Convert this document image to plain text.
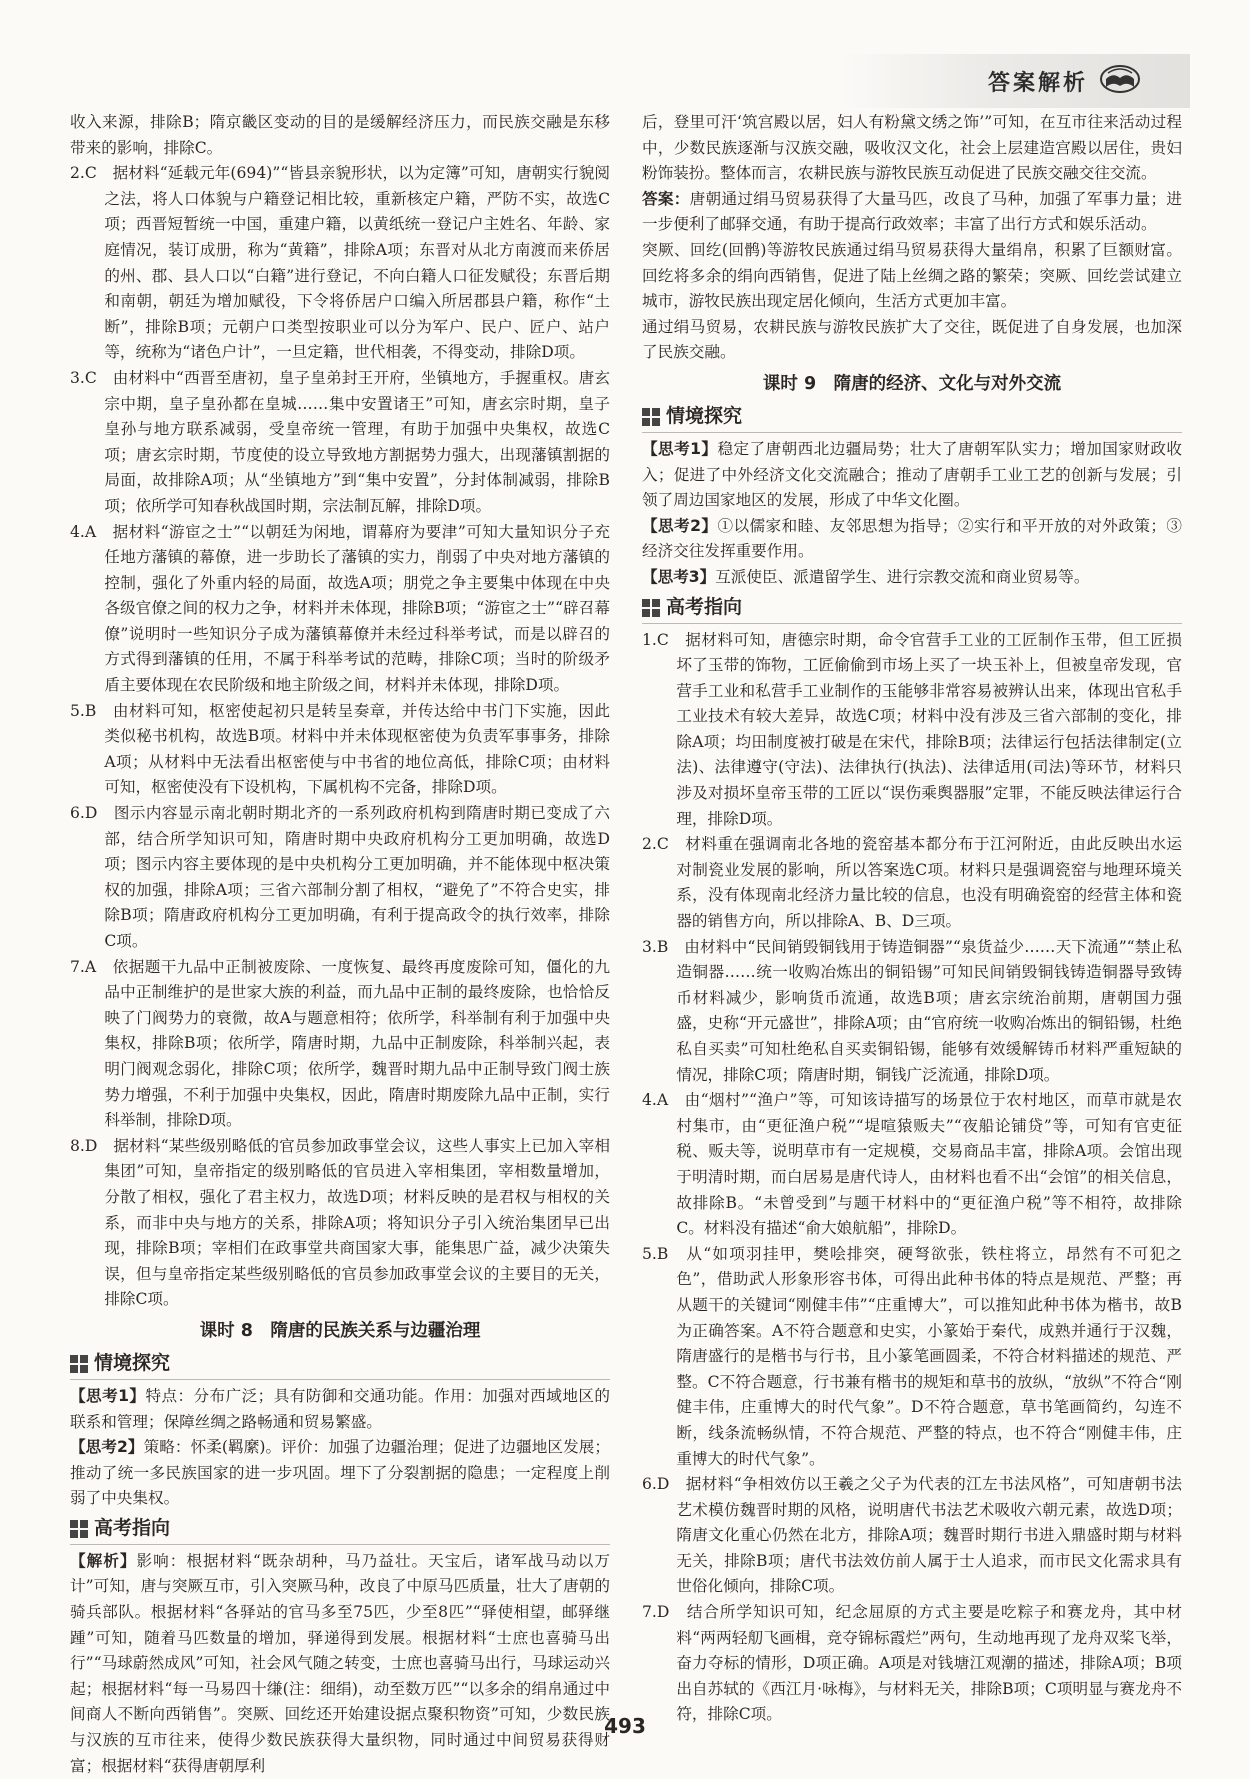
答案解析
收入来源，排除B；隋京畿区变动的目的是缓解经济压力，而民族交融是东移带来的影响，排除C。
2.C　据材料“延载元年(694)”“皆县亲貌形状，以为定簿”可知，唐朝实行貌阅之法，将人口体貌与户籍登记相比较，重新核定户籍，严防不实，故选C项；西晋短暂统一中国，重建户籍，以黄纸统一登记户主姓名、年龄、家庭情况，装订成册，称为“黄籍”，排除A项；东晋对从北方南渡而来侨居的州、郡、县人口以“白籍”进行登记，不向白籍人口征发赋役；东晋后期和南朝，朝廷为增加赋役，下令将侨居户口编入所居郡县户籍，称作“土断”，排除B项；元朝户口类型按职业可以分为军户、民户、匠户、站户等，统称为“诸色户计”，一旦定籍，世代相袭，不得变动，排除D项。
3.C　由材料中“西晋至唐初，皇子皇弟封王开府，坐镇地方，手握重权。唐玄宗中期，皇子皇孙都在皇城……集中安置诸王”可知，唐玄宗时期，皇子皇孙与地方联系减弱，受皇帝统一管理，有助于加强中央集权，故选C项；唐玄宗时期，节度使的设立导致地方割据势力强大，出现藩镇割据的局面，故排除A项；从“坐镇地方”到“集中安置”，分封体制减弱，排除B项；依所学可知春秋战国时期，宗法制瓦解，排除D项。
4.A　据材料“游宦之士”“以朝廷为闲地，谓幕府为要津”可知大量知识分子充任地方藩镇的幕僚，进一步助长了藩镇的实力，削弱了中央对地方藩镇的控制，强化了外重内轻的局面，故选A项；朋党之争主要集中体现在中央各级官僚之间的权力之争，材料并未体现，排除B项；“游宦之士”“辟召幕僚”说明时一些知识分子成为藩镇幕僚并未经过科举考试，而是以辟召的方式得到藩镇的任用，不属于科举考试的范畴，排除C项；当时的阶级矛盾主要体现在农民阶级和地主阶级之间，材料并未体现，排除D项。
5.B　由材料可知，枢密使起初只是转呈奏章，并传达给中书门下实施，因此类似秘书机构，故选B项。材料中并未体现枢密使为负责军事事务，排除A项；从材料中无法看出枢密使与中书省的地位高低，排除C项；由材料可知，枢密使没有下设机构，下属机构不完备，排除D项。
6.D　图示内容显示南北朝时期北齐的一系列政府机构到隋唐时期已变成了六部，结合所学知识可知，隋唐时期中央政府机构分工更加明确，故选D项；图示内容主要体现的是中央机构分工更加明确，并不能体现中枢决策权的加强，排除A项；三省六部制分割了相权，“避免了”不符合史实，排除B项；隋唐政府机构分工更加明确，有利于提高政令的执行效率，排除C项。
7.A　依据题干九品中正制被废除、一度恢复、最终再度废除可知，僵化的九品中正制维护的是世家大族的利益，而九品中正制的最终废除，也恰恰反映了门阀势力的衰微，故A与题意相符；依所学，科举制有利于加强中央集权，排除B项；依所学，隋唐时期，九品中正制废除，科举制兴起，表明门阀观念弱化，排除C项；依所学，魏晋时期九品中正制导致门阀士族势力增强，不利于加强中央集权，因此，隋唐时期废除九品中正制，实行科举制，排除D项。
8.D　据材料“某些级别略低的官员参加政事堂会议，这些人事实上已加入宰相集团”可知，皇帝指定的级别略低的官员进入宰相集团，宰相数量增加，分散了相权，强化了君主权力，故选D项；材料反映的是君权与相权的关系，而非中央与地方的关系，排除A项；将知识分子引入统治集团早已出现，排除B项；宰相们在政事堂共商国家大事，能集思广益，减少决策失误，但与皇帝指定某些级别略低的官员参加政事堂会议的主要目的无关，排除C项。
课时 8　隋唐的民族关系与边疆治理
情境探究
【思考1】特点：分布广泛；具有防御和交通功能。作用：加强对西域地区的联系和管理；保障丝绸之路畅通和贸易繁盛。
【思考2】策略：怀柔(羁縻)。评价：加强了边疆治理；促进了边疆地区发展；推动了统一多民族国家的进一步巩固。埋下了分裂割据的隐患；一定程度上削弱了中央集权。
高考指向
【解析】影响：根据材料“既杂胡种，马乃益壮。天宝后，诸军战马动以万计”可知，唐与突厥互市，引入突厥马种，改良了中原马匹质量，壮大了唐朝的骑兵部队。根据材料“各驿站的官马多至75匹，少至8匹”“驿使相望，邮驿继踵”可知，随着马匹数量的增加，驿递得到发展。根据材料“士庶也喜骑马出行”“马球蔚然成风”可知，社会风气随之转变，士庶也喜骑马出行，马球运动兴起；根据材料“每一马易四十缣(注：细绢)，动至数万匹”“以多余的绢帛通过中间商人不断向西销售”。突厥、回纥还开始建设据点聚积物资”可知，少数民族与汉族的互市往来，使得少数民族获得大量织物，同时通过中间贸易获得财富；根据材料“获得唐朝厚利
后，登里可汗‘筑宫殿以居，妇人有粉黛文绣之饰’”可知，在互市往来活动过程中，少数民族逐渐与汉族交融，吸收汉文化，社会上层建造宫殿以居住，贵妇粉饰装扮。整体而言，农耕民族与游牧民族互动促进了民族交融交往交流。
答案：唐朝通过绢马贸易获得了大量马匹，改良了马种，加强了军事力量；进一步便利了邮驿交通，有助于提高行政效率；丰富了出行方式和娱乐活动。
突厥、回纥(回鹘)等游牧民族通过绢马贸易获得大量绢帛，积累了巨额财富。回纥将多余的绢向西销售，促进了陆上丝绸之路的繁荣；突厥、回纥尝试建立城市，游牧民族出现定居化倾向，生活方式更加丰富。
通过绢马贸易，农耕民族与游牧民族扩大了交往，既促进了自身发展，也加深了民族交融。
课时 9　隋唐的经济、文化与对外交流
情境探究
【思考1】稳定了唐朝西北边疆局势；壮大了唐朝军队实力；增加国家财政收入；促进了中外经济文化交流融合；推动了唐朝手工业工艺的创新与发展；引领了周边国家地区的发展，形成了中华文化圈。
【思考2】①以儒家和睦、友邻思想为指导；②实行和平开放的对外政策；③经济交往发挥重要作用。
【思考3】互派使臣、派遣留学生、进行宗教交流和商业贸易等。
高考指向
1.C　据材料可知，唐德宗时期，命令官营手工业的工匠制作玉带，但工匠损坏了玉带的饰物，工匠偷偷到市场上买了一块玉补上，但被皇帝发现，官营手工业和私营手工业制作的玉能够非常容易被辨认出来，体现出官私手工业技术有较大差异，故选C项；材料中没有涉及三省六部制的变化，排除A项；均田制度被打破是在宋代，排除B项；法律运行包括法律制定(立法)、法律遵守(守法)、法律执行(执法)、法律适用(司法)等环节，材料只涉及对损坏皇帝玉带的工匠以“误伤乘舆器服”定罪，不能反映法律运行合理，排除D项。
2.C　材料重在强调南北各地的瓷窑基本都分布于江河附近，由此反映出水运对制瓷业发展的影响，所以答案选C项。材料只是强调瓷窑与地理环境关系，没有体现南北经济力量比较的信息，也没有明确瓷窑的经营主体和瓷器的销售方向，所以排除A、B、D三项。
3.B　由材料中“民间销毁铜钱用于铸造铜器”“泉货益少……天下流通”“禁止私造铜器……统一收购冶炼出的铜铅锡”可知民间销毁铜钱铸造铜器导致铸币材料减少，影响货币流通，故选B项；唐玄宗统治前期，唐朝国力强盛，史称“开元盛世”，排除A项；由“官府统一收购冶炼出的铜铅锡，杜绝私自买卖”可知杜绝私自买卖铜铅锡，能够有效缓解铸币材料严重短缺的情况，排除C项；隋唐时期，铜钱广泛流通，排除D项。
4.A　由“烟村”“渔户”等，可知该诗描写的场景位于农村地区，而草市就是农村集市，由“更征渔户税”“堤喧猿贩夫”“夜船论铺贷”等，可知有官吏征税、贩夫等，说明草市有一定规模，交易商品丰富，排除A项。会馆出现于明清时期，而白居易是唐代诗人，由材料也看不出“会馆”的相关信息，故排除B。“未曾受到”与题干材料中的“更征渔户税”等不相符，故排除C。材料没有描述“俞大娘航船”，排除D。
5.B　从“如项羽挂甲，樊哙排突，硬弩欲张，铁柱将立，昂然有不可犯之色”，借助武人形象形容书体，可得出此种书体的特点是规范、严整；再从题干的关键词“刚健丰伟”“庄重博大”，可以推知此种书体为楷书，故B为正确答案。A不符合题意和史实，小篆始于秦代，成熟并通行于汉魏，隋唐盛行的是楷书与行书，且小篆笔画圆柔，不符合材料描述的规范、严整。C不符合题意，行书兼有楷书的规矩和草书的放纵，“放纵”不符合“刚健丰伟，庄重博大的时代气象”。D不符合题意，草书笔画简约，勾连不断，线条流畅纵情，不符合规范、严整的特点，也不符合“刚健丰伟，庄重博大的时代气象”。
6.D　据材料“争相效仿以王羲之父子为代表的江左书法风格”，可知唐朝书法艺术模仿魏晋时期的风格，说明唐代书法艺术吸收六朝元素，故选D项；隋唐文化重心仍然在北方，排除A项；魏晋时期行书进入鼎盛时期与材料无关，排除B项；唐代书法效仿前人属于士人追求，而市民文化需求具有世俗化倾向，排除C项。
7.D　结合所学知识可知，纪念屈原的方式主要是吃粽子和赛龙舟，其中材料“两两轻舠飞画楫，竞夺锦标霞烂”两句，生动地再现了龙舟双桨飞举，奋力夺标的情形，D项正确。A项是对钱塘江观潮的描述，排除A项；B项出自苏轼的《西江月·咏梅》，与材料无关，排除B项；C项明显与赛龙舟不符，排除C项。
493
